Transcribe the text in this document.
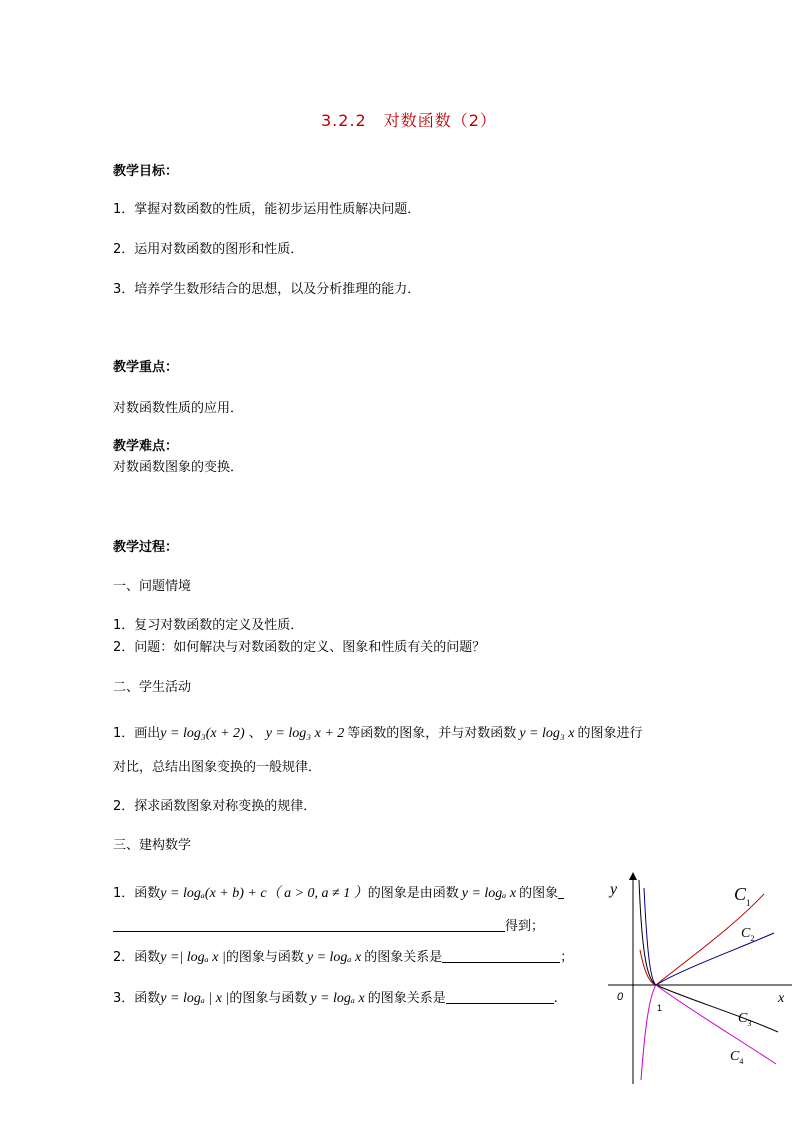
3.2.2　对数函数（2）
教学目标：
1．掌握对数函数的性质，能初步运用性质解决问题．
2．运用对数函数的图形和性质．
3．培养学生数形结合的思想，以及分析推理的能力．
教学重点：
对数函数性质的应用．
教学难点：
对数函数图象的变换．
教学过程：
一、问题情境
1．复习对数函数的定义及性质．
2．问题：如何解决与对数函数的定义、图象和性质有关的问题？
二、学生活动
1．画出y = log₃(x + 2) 、 y = log₃ x + 2 等函数的图象，并与对数函数 y = log₃ x 的图象进行
对比，总结出图象变换的一般规律．
2．探求函数图象对称变换的规律．
三、建构数学
1．函数y = logₐ(x + b) + c（ a > 0, a ≠ 1 ）的图象是由函数 y = logₐ x 的图象
得到；
2．函数y =| logₐ x |的图象与函数 y = logₐ x 的图象关系是	；
3．函数y = logₐ | x |的图象与函数 y = logₐ x 的图象关系是	.
y
x
0
1
$C_1$
$C_2$
$C_3$
$C_4$
